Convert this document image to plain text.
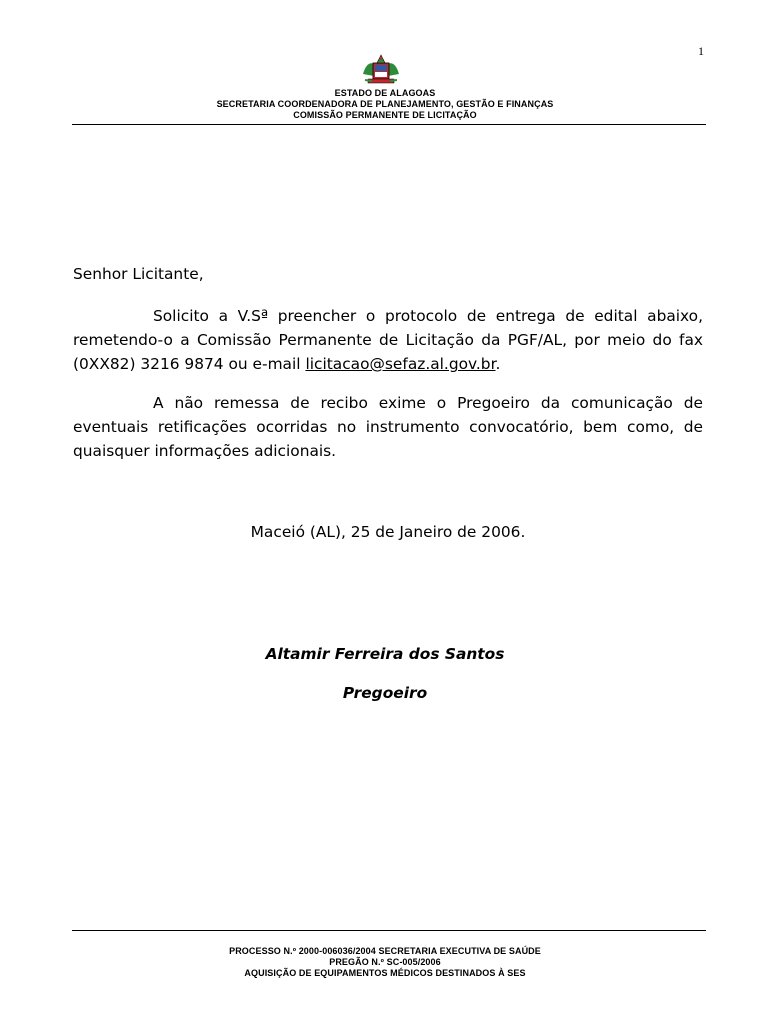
1
ESTADO DE ALAGOAS
SECRETARIA COORDENADORA DE PLANEJAMENTO, GESTÃO E FINANÇAS
COMISSÃO PERMANENTE DE LICITAÇÃO
Senhor Licitante,
Solicito a V.Sª preencher o protocolo de entrega de edital abaixo, remetendo-o a Comissão Permanente de Licitação da PGF/AL, por meio do fax (0XX82) 3216 9874 ou e-mail licitacao@sefaz.al.gov.br.
A não remessa de recibo exime o Pregoeiro da comunicação de eventuais retificações ocorridas no instrumento convocatório, bem como, de quaisquer informações adicionais.
Maceió (AL), 25 de Janeiro de 2006.
Altamir Ferreira dos Santos
Pregoeiro
PROCESSO N.º 2000-006036/2004 SECRETARIA EXECUTIVA DE SAÚDE
PREGÃO N.º SC-005/2006
AQUISIÇÃO DE EQUIPAMENTOS MÉDICOS DESTINADOS À SES
